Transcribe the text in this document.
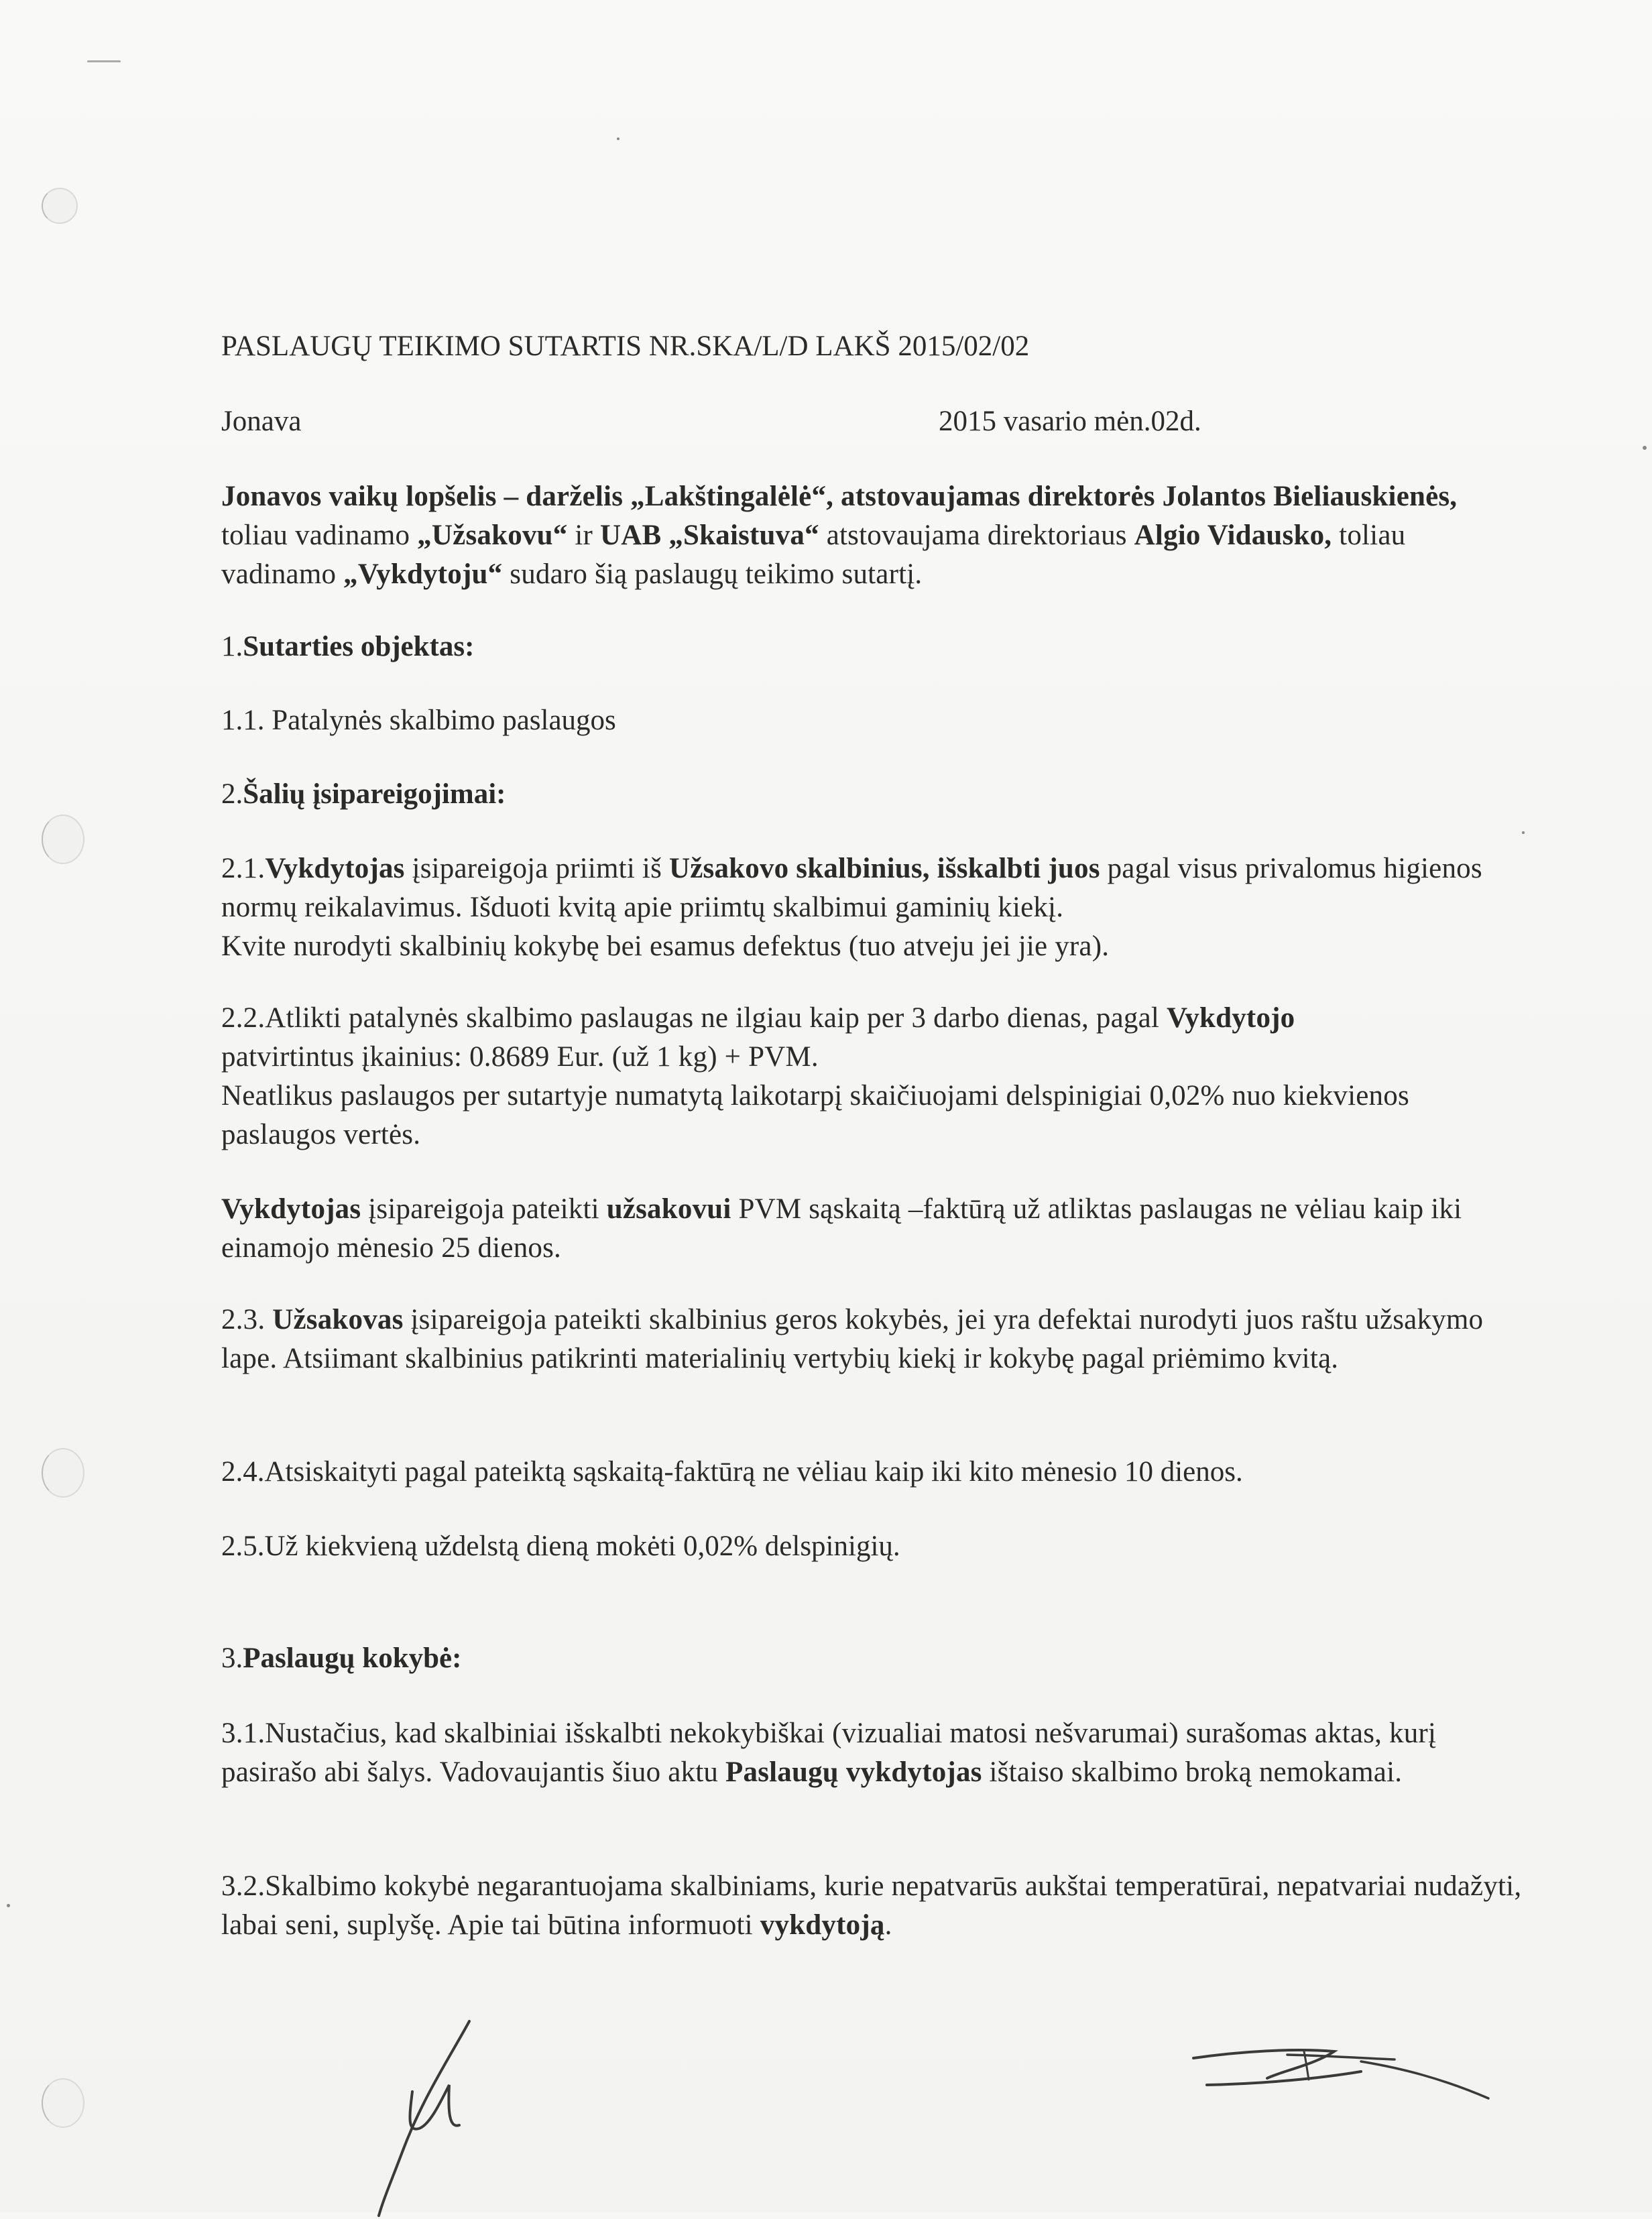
PASLAUGŲ TEIKIMO SUTARTIS NR.SKA/L/D LAKŠ 2015/02/02
Jonava	2015 vasario mėn.02d.
Jonavos vaikų lopšelis – darželis „Lakštingalėlė“, atstovaujamas direktorės Jolantos Bieliauskienės, toliau vadinamo „Užsakovu“ ir UAB „Skaistuva“ atstovaujama direktoriaus Algio Vidausko, toliau vadinamo „Vykdytoju“ sudaro šią paslaugų teikimo sutartį.
1.Sutarties objektas:
1.1. Patalynės skalbimo paslaugos
2.Šalių įsipareigojimai:
2.1.Vykdytojas įsipareigoja priimti iš Užsakovo skalbinius, išskalbti juos pagal visus privalomus higienos normų reikalavimus. Išduoti kvitą apie priimtų skalbimui gaminių kiekį.
Kvite nurodyti skalbinių kokybę bei esamus defektus (tuo atveju jei jie yra).
2.2.Atlikti patalynės skalbimo paslaugas ne ilgiau kaip per 3 darbo dienas, pagal Vykdytojo
patvirtintus įkainius: 0.8689 Eur. (už 1 kg) + PVM.
Neatlikus paslaugos per sutartyje numatytą laikotarpį skaičiuojami delspinigiai 0,02% nuo kiekvienos paslaugos vertės.
Vykdytojas įsipareigoja pateikti užsakovui PVM sąskaitą –faktūrą už atliktas paslaugas ne vėliau kaip iki einamojo mėnesio 25 dienos.
2.3. Užsakovas įsipareigoja pateikti skalbinius geros kokybės, jei yra defektai nurodyti juos raštu užsakymo lape. Atsiimant skalbinius patikrinti materialinių vertybių kiekį ir kokybę pagal priėmimo kvitą.
2.4.Atsiskaityti pagal pateiktą sąskaitą-faktūrą ne vėliau kaip iki kito mėnesio 10 dienos.
2.5.Už kiekvieną uždelstą dieną mokėti 0,02% delspinigių.
3.Paslaugų kokybė:
3.1.Nustačius, kad skalbiniai išskalbti nekokybiškai (vizualiai matosi nešvarumai) surašomas aktas, kurį pasirašo abi šalys. Vadovaujantis šiuo aktu Paslaugų vykdytojas ištaiso skalbimo broką nemokamai.
3.2.Skalbimo kokybė negarantuojama skalbiniams, kurie nepatvarūs aukštai temperatūrai, nepatvariai nudažyti, labai seni, suplyšę. Apie tai būtina informuoti vykdytoją.
